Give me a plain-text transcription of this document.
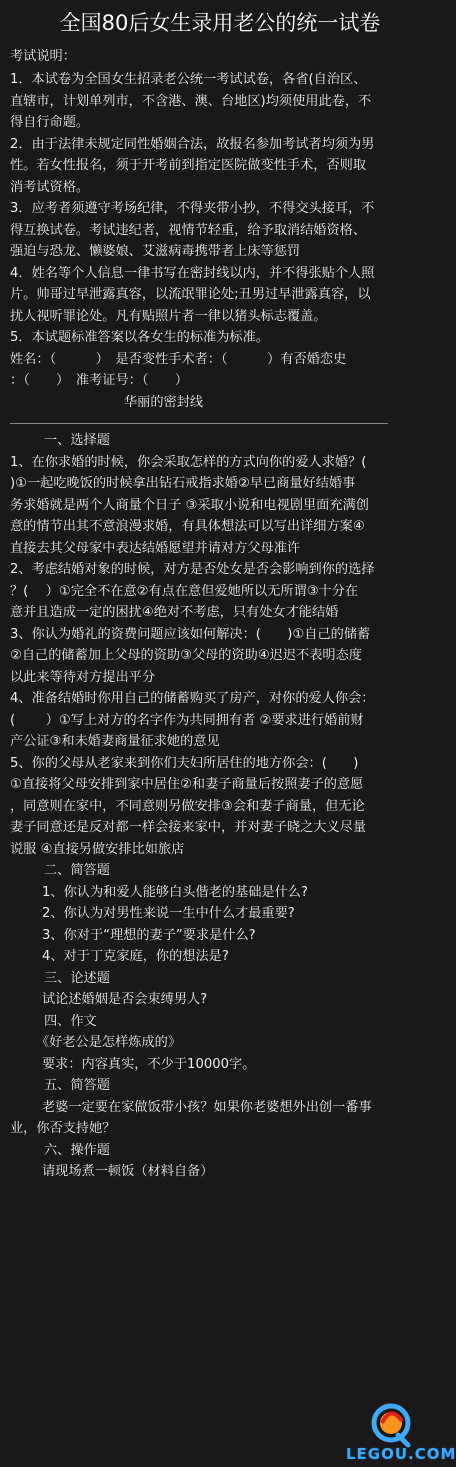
全国80后女生录用老公的统一试卷
考试说明：
1．本试卷为全国女生招录老公统一考试试卷，各省(自治区、
直辖市，计划单列市，不含港、澳、台地区)均须使用此卷，不
得自行命题。
2．由于法律未规定同性婚姻合法，故报名参加考试者均须为男
性。若女性报名，须于开考前到指定医院做变性手术，否则取
消考试资格。
3．应考者须遵守考场纪律，不得夹带小抄，不得交头接耳，不
得互换试卷。考试违纪者，视情节轻重，给予取消结婚资格、
强迫与恐龙、懒婆娘、艾滋病毒携带者上床等惩罚
4．姓名等个人信息一律书写在密封线以内，并不得张贴个人照
片。帅哥过早泄露真容，以流氓罪论处;丑男过早泄露真容，以
扰人视听罪论处。凡有贴照片者一律以猪头标志覆盖。
5．本试题标准答案以各女生的标准为标准。
姓名：（　　　）　是否变性手术者：（　　　）有否婚恋史
：（　　）　准考证号：（　　）
华丽的密封线
一、选择题
1、在你求婚的时候，你会采取怎样的方式向你的爱人求婚？(
)①一起吃晚饭的时候拿出钻石戒指求婚②早已商量好结婚事
务求婚就是两个人商量个日子 ③采取小说和电视剧里面充满创
意的情节出其不意浪漫求婚，有具体想法可以写出详细方案④
直接去其父母家中表达结婚愿望并请对方父母准许
2、考虑结婚对象的时候，对方是否处女是否会影响到你的选择
？(　 ）①完全不在意②有点在意但爱她所以无所谓③十分在
意并且造成一定的困扰④绝对不考虑，只有处女才能结婚
3、你认为婚礼的资费问题应该如何解决：(　　)①自己的储蓄
②自己的储蓄加上父母的资助③父母的资助④迟迟不表明态度
以此来等待对方提出平分
4、准备结婚时你用自己的储蓄购买了房产，对你的爱人你会：
(　　 ）①写上对方的名字作为共同拥有者 ②要求进行婚前财
产公证③和未婚妻商量征求她的意见
5、你的父母从老家来到你们夫妇所居住的地方你会：(　　)
①直接将父母安排到家中居住②和妻子商量后按照妻子的意愿
，同意则在家中，不同意则另做安排③会和妻子商量，但无论
妻子同意还是反对都一样会接来家中，并对妻子晓之大义尽量
说服 ④直接另做安排比如旅店
二、简答题
1、你认为和爱人能够白头偕老的基础是什么?
2、你认为对男性来说一生中什么才最重要?
3、你对于“理想的妻子”要求是什么?
4、对于丁克家庭，你的想法是?
三、论述题
试论述婚姻是否会束缚男人?
四、作文
《好老公是怎样炼成的》
要求：内容真实，不少于10000字。
五、简答题
老婆一定要在家做饭带小孩？如果你老婆想外出创一番事
业，你否支持她？
六、操作题
请现场煮一顿饭（材料自备）
LEGOU.COM
